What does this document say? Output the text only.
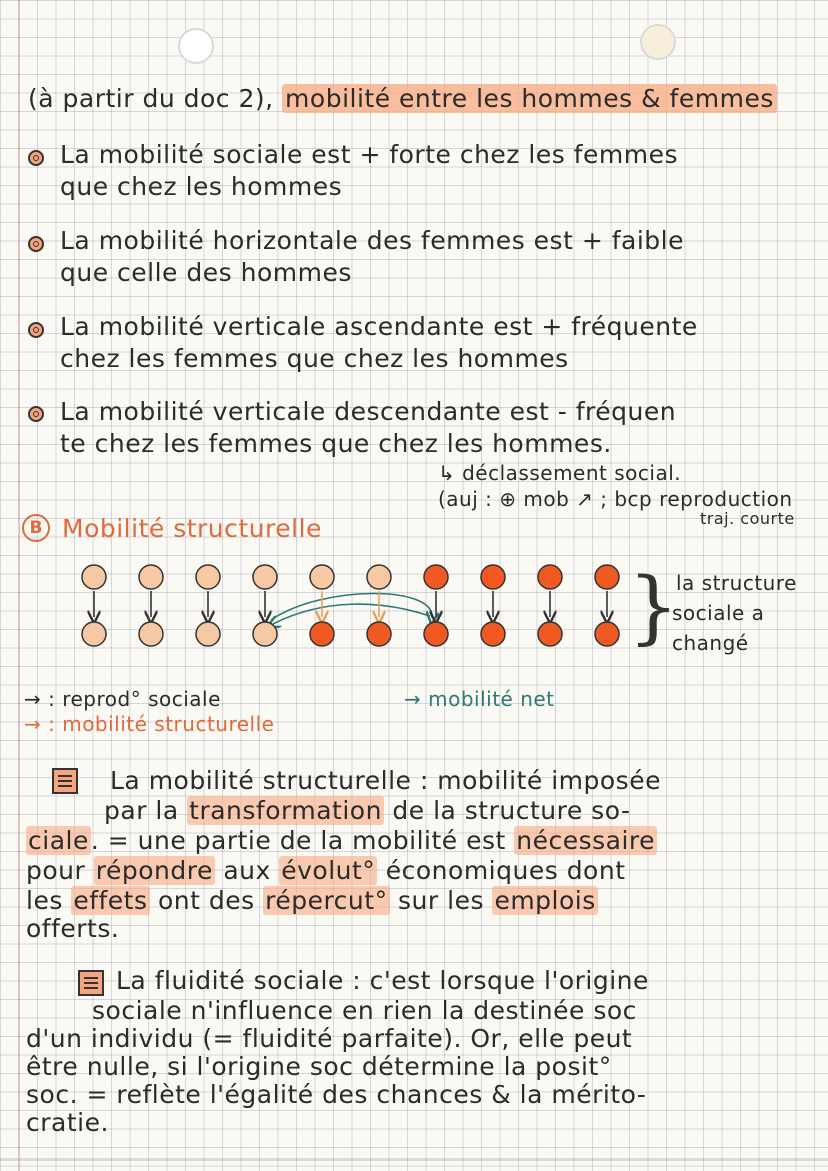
(à partir du doc 2), mobilité entre les hommes & femmes
La mobilité sociale est + forte chez les femmes
que chez les hommes
La mobilité horizontale des femmes est + faible
que celle des hommes
La mobilité verticale ascendante est + fréquente
chez les femmes que chez les hommes
La mobilité verticale descendante est - fréquen
te chez les femmes que chez les hommes.
↳ déclassement social.
(auj : ⊕ mob ↗ ; bcp reproduction
traj. courte
B Mobilité structurelle
}
la structure
sociale a
changé
→ : reprod° sociale
→ : mobilité structurelle
→ mobilité net
La mobilité structurelle : mobilité imposée
par la transformation de la structure so-
ciale. = une partie de la mobilité est nécessaire
pour répondre aux évolut° économiques dont
les effets ont des répercut° sur les emplois
offerts.
La fluidité sociale : c'est lorsque l'origine
sociale n'influence en rien la destinée soc
d'un individu (= fluidité parfaite). Or, elle peut
être nulle, si l'origine soc détermine la posit°
soc. = reflète l'égalité des chances & la mérito-
cratie.
